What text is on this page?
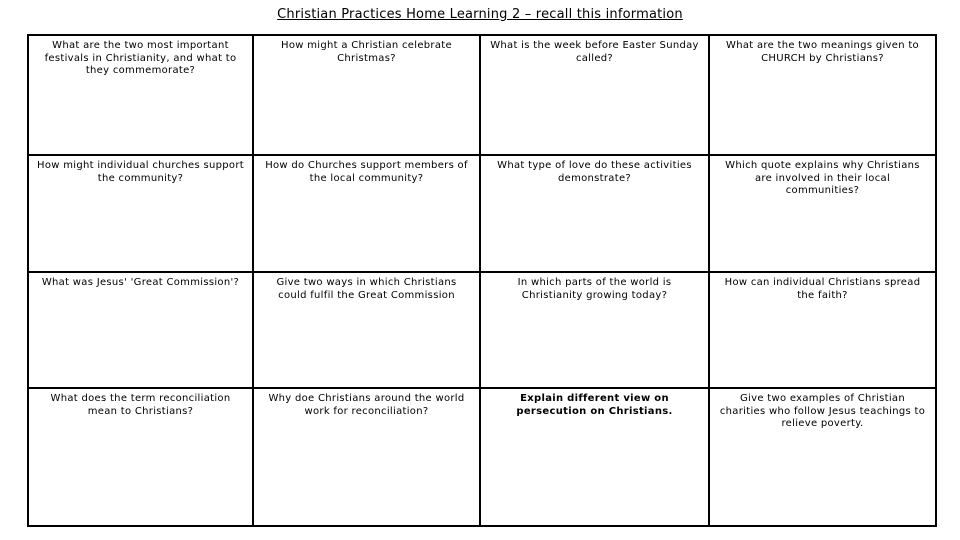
Christian Practices Home Learning 2 – recall this information
What are the two most important festivals in Christianity, and what to they commemorate?
How might a Christian celebrate Christmas?
What is the week before Easter Sunday called?
What are the two meanings given to CHURCH by Christians?
How might individual churches support the community?
How do Churches support members of the local community?
What type of love do these activities demonstrate?
Which quote explains why Christians are involved in their local communities?
What was Jesus' 'Great Commission'?	Give two ways in which Christians could fulfil the Great Commission
In which parts of the world is Christianity growing today?
How can individual Christians spread the faith?
What does the term reconciliation mean to Christians?
Why doe Christians around the world work for reconciliation?
Explain different view on persecution on Christians.
Give two examples of Christian charities who follow Jesus teachings to relieve poverty.
